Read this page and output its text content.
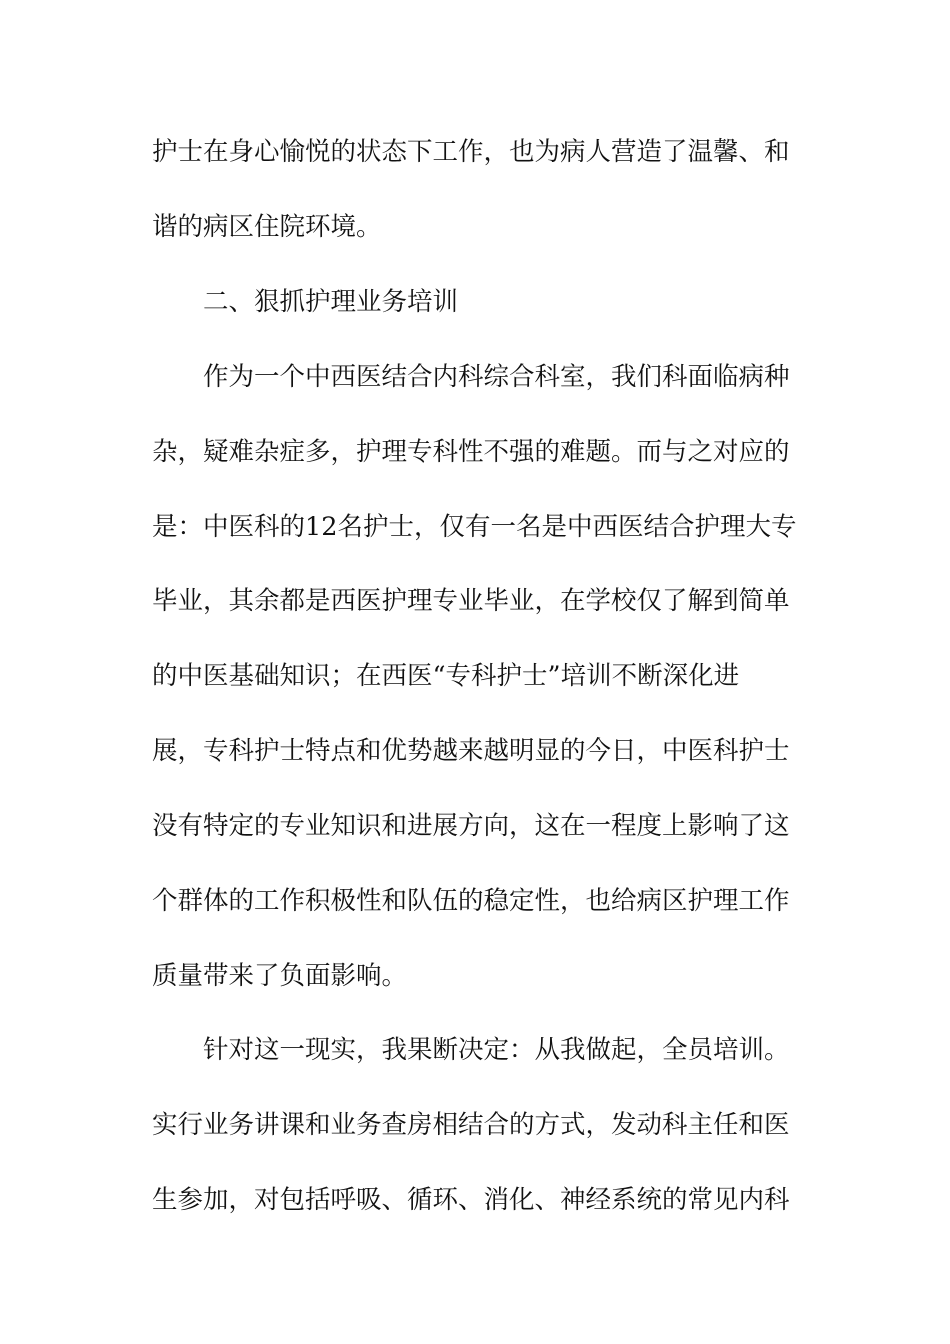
护士在身心愉悦的状态下工作，也为病人营造了温馨、和

谐的病区住院环境。

二、狠抓护理业务培训

作为一个中西医结合内科综合科室，我们科面临病种

杂，疑难杂症多，护理专科性不强的难题。而与之对应的

是：中医科的12名护士，仅有一名是中西医结合护理大专

毕业，其余都是西医护理专业毕业，在学校仅了解到简单

的中医基础知识；在西医“专科护士”培训不断深化进

展，专科护士特点和优势越来越明显的今日，中医科护士

没有特定的专业知识和进展方向，这在一程度上影响了这

个群体的工作积极性和队伍的稳定性，也给病区护理工作

质量带来了负面影响。

针对这一现实，我果断决定：从我做起，全员培训。

实行业务讲课和业务查房相结合的方式，发动科主任和医

生参加，对包括呼吸、循环、消化、神经系统的常见内科
